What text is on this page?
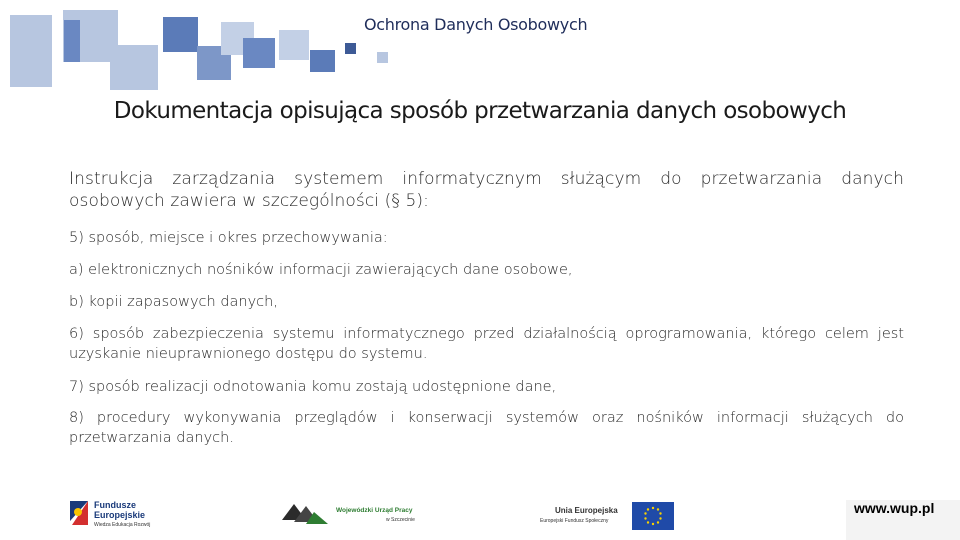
Ochrona Danych Osobowych
Dokumentacja opisująca sposób przetwarzania danych osobowych
Instrukcja zarządzania systemem informatycznym służącym do przetwarzania danych osobowych zawiera w szczególności (§ 5):
5) sposób, miejsce i okres przechowywania:
a) elektronicznych nośników informacji zawierających dane osobowe,
b) kopii zapasowych danych,
6) sposób zabezpieczenia systemu informatycznego przed działalnością oprogramowania, którego celem jest uzyskanie nieuprawnionego dostępu do systemu.
7) sposób realizacji odnotowania komu zostają udostępnione dane,
8) procedury wykonywania przeglądów i konserwacji systemów oraz nośników informacji służących do przetwarzania danych.
Fundusze
Europejskie
Wiedza Edukacja Rozwój
Wojewódzki Urząd Pracy
w Szczecinie
Unia Europejska
Europejski Fundusz Społeczny
www.wup.pl
